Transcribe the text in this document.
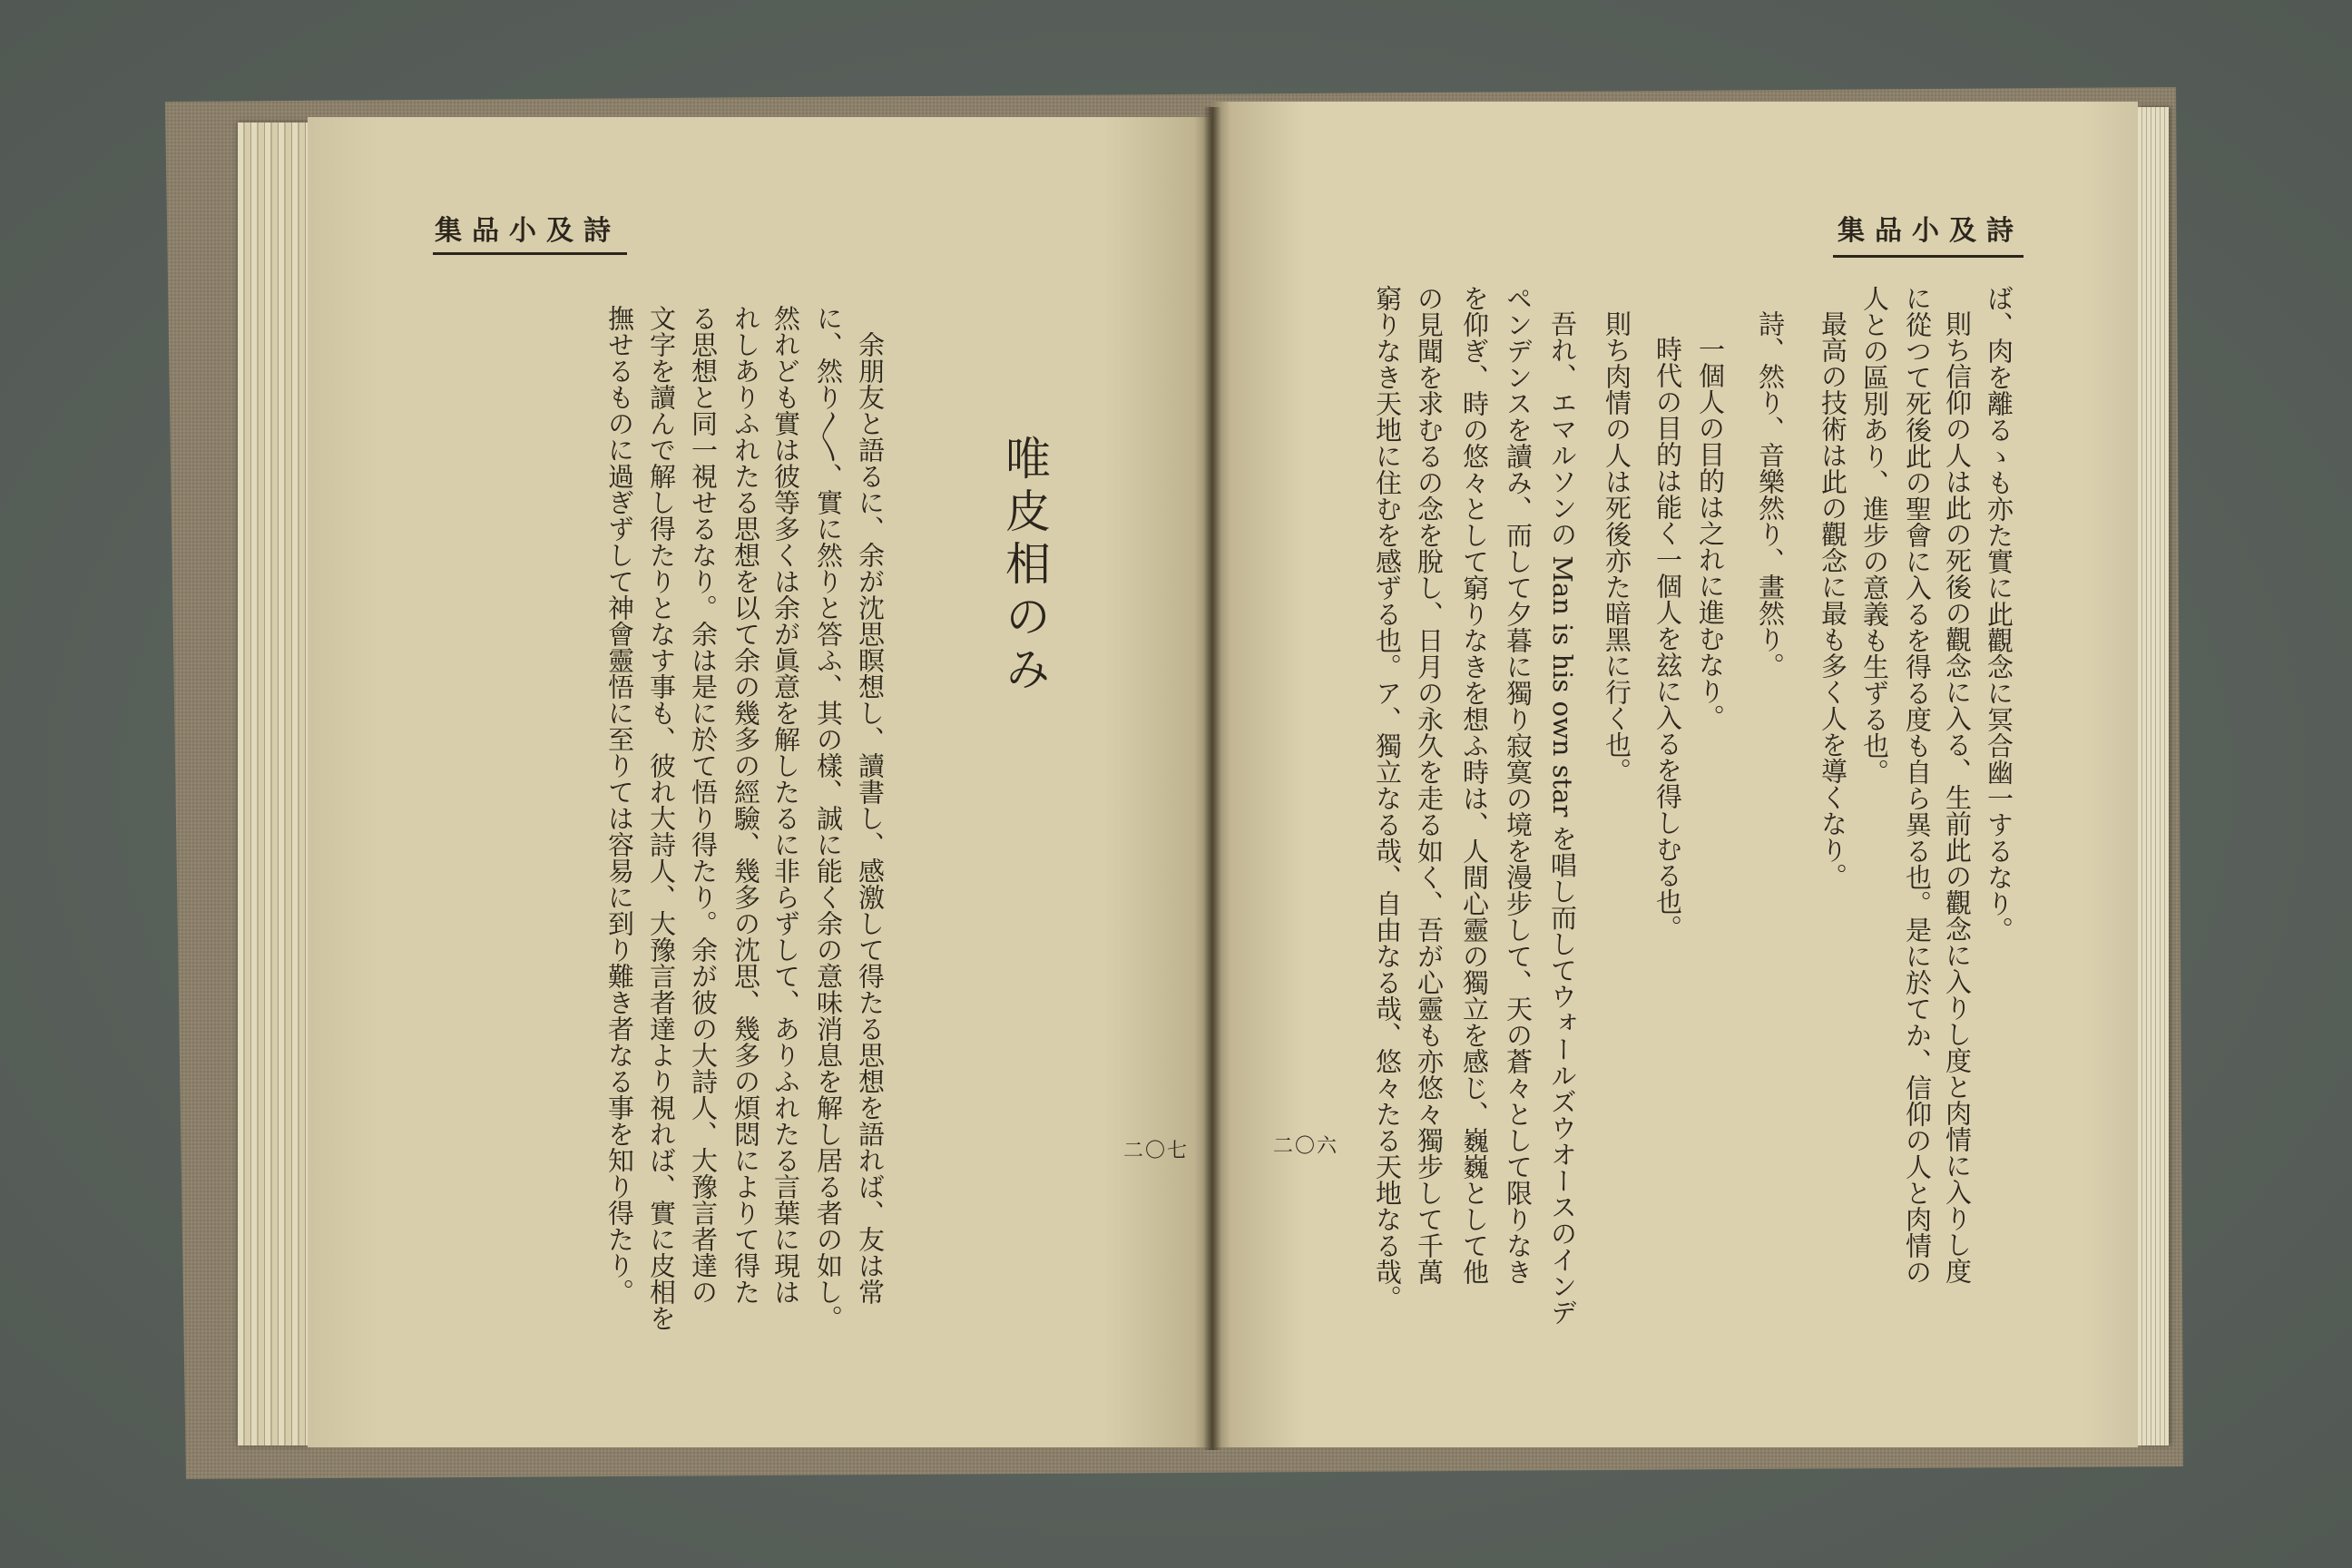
集品小及詩
唯皮相のみ
余朋友と語るに、余が沈思瞑想し、讀書し、感激して得たる思想を語れば、友は常
に、然り〳〵、實に然りと答ふ、其の樣、誠に能く余の意味消息を解し居る者の如し。
然れども實は彼等多くは余が眞意を解したるに非らずして、ありふれたる言葉に現は
れしありふれたる思想を以て余の幾多の經驗、幾多の沈思、幾多の煩悶によりて得た
る思想と同一視せるなり。余は是に於て悟り得たり。余が彼の大詩人、大豫言者達の
文字を讀んで解し得たりとなす事も、彼れ大詩人、大豫言者達より視れば、實に皮相を
撫せるものに過ぎずして神會靈悟に至りては容易に到り難き者なる事を知り得たり。	二〇七
集品小及詩
ば、肉を離るゝも亦た實に此觀念に冥合幽一するなり。
則ち信仰の人は此の死後の觀念に入る、生前此の觀念に入りし度と肉情に入りし度
に從つて死後此の聖會に入るを得る度も自ら異る也。是に於てか、信仰の人と肉情の
人との區別あり、進步の意義も生ずる也。
最高の技術は此の觀念に最も多く人を導くなり。
詩、然り、音樂然り、畫然り。
一個人の目的は之れに進むなり。
時代の目的は能く一個人を玆に入るを得しむる也。
則ち肉情の人は死後亦た暗黑に行く也。
吾れ、エマルソンの Man is his own star を唱し而してウォールズウオースのインデ
ペンデンスを讀み、而して夕暮に獨り寂寞の境を漫步して、天の蒼々として限りなき
を仰ぎ、時の悠々として窮りなきを想ふ時は、人間心靈の獨立を感じ、巍巍として他
の見聞を求むるの念を脫し、日月の永久を走る如く、吾が心靈も亦悠々獨步して千萬
窮りなき天地に住むを感ずる也。ア、獨立なる哉、自由なる哉、悠々たる天地なる哉。
二〇六
